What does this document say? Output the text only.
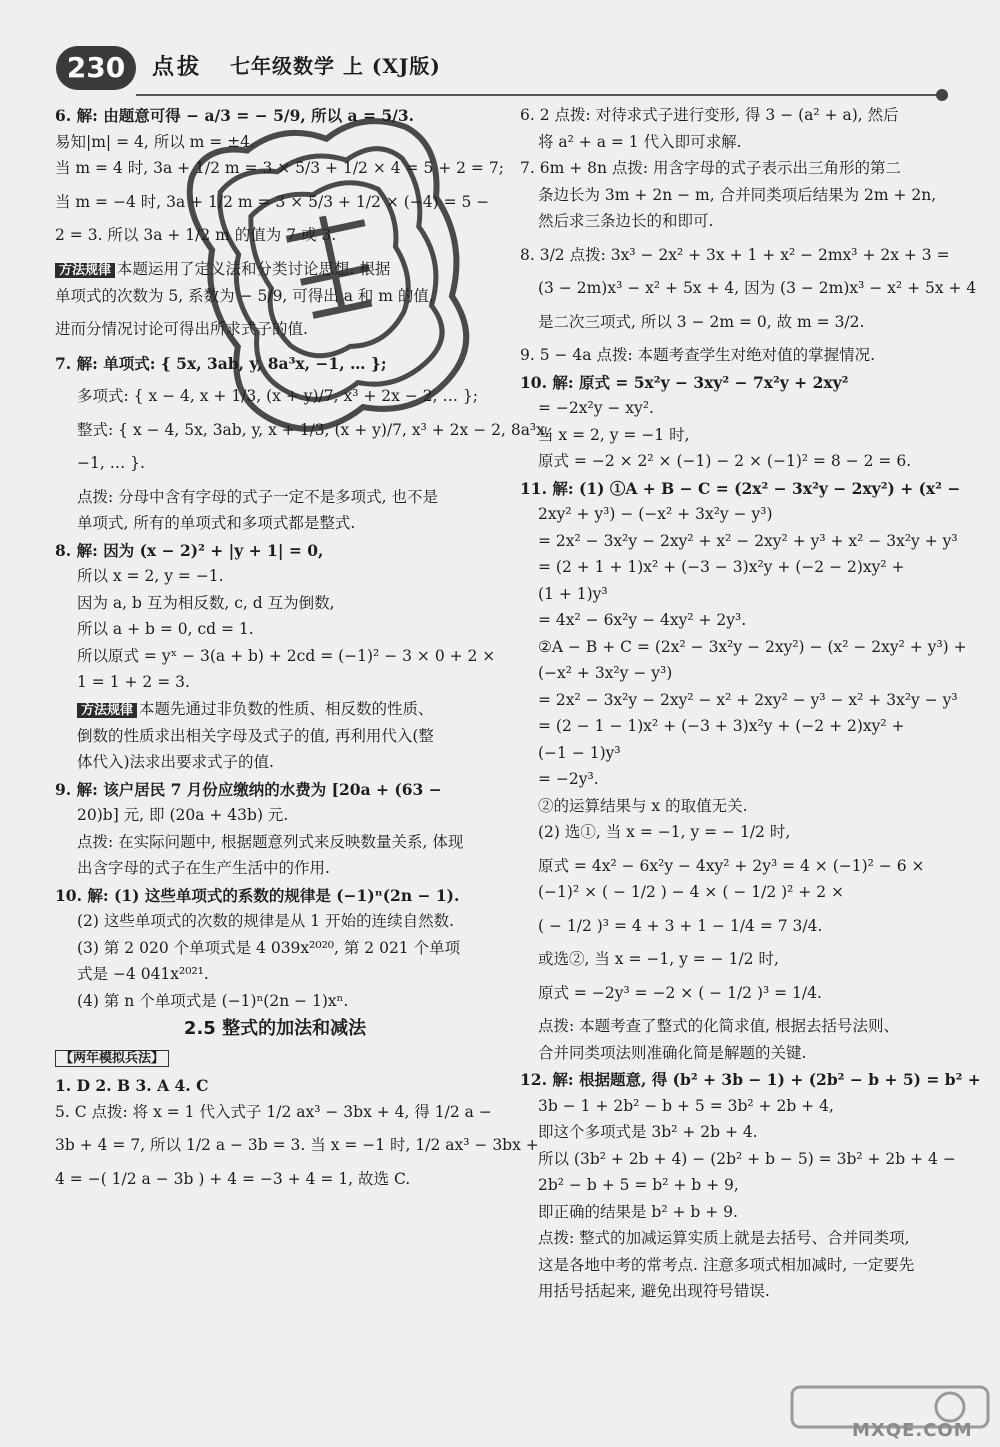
230	点拔 七年级数学 上 (XJ版)
6. 解: 由题意可得 − a/3 = − 5/9, 所以 a = 5/3.
易知|m| = 4, 所以 m = ±4.
当 m = 4 时, 3a + 1/2 m = 3 × 5/3 + 1/2 × 4 = 5 + 2 = 7;
当 m = −4 时, 3a + 1/2 m = 3 × 5/3 + 1/2 × (−4) = 5 −
2 = 3. 所以 3a + 1/2 m 的值为 7 或 3.
方法规律 本题运用了定义法和分类讨论思想. 根据
单项式的次数为 5, 系数为 − 5/9, 可得出 a 和 m 的值,
进而分情况讨论可得出所求式子的值.
7. 解: 单项式: { 5x, 3ab, y, 8a³x, −1, … };
多项式: { x − 4, x + 1/3, (x + y)/7, x³ + 2x − 2, … };
整式: { x − 4, 5x, 3ab, y, x + 1/3, (x + y)/7, x³ + 2x − 2, 8a³x,
−1, … }.
点拨: 分母中含有字母的式子一定不是多项式, 也不是
单项式, 所有的单项式和多项式都是整式.
8. 解: 因为 (x − 2)² + |y + 1| = 0,
所以 x = 2, y = −1.
因为 a, b 互为相反数, c, d 互为倒数,
所以 a + b = 0, cd = 1.
所以原式 = yˣ − 3(a + b) + 2cd = (−1)² − 3 × 0 + 2 ×
1 = 1 + 2 = 3.
方法规律 本题先通过非负数的性质、相反数的性质、
倒数的性质求出相关字母及式子的值, 再利用代入(整
体代入)法求出要求式子的值.
9. 解: 该户居民 7 月份应缴纳的水费为 [20a + (63 −
20)b] 元, 即 (20a + 43b) 元.
点拨: 在实际问题中, 根据题意列式来反映数量关系, 体现
出含字母的式子在生产生活中的作用.
10. 解: (1) 这些单项式的系数的规律是 (−1)ⁿ(2n − 1).
(2) 这些单项式的次数的规律是从 1 开始的连续自然数.
(3) 第 2 020 个单项式是 4 039x²⁰²⁰, 第 2 021 个单项
式是 −4 041x²⁰²¹.
(4) 第 n 个单项式是 (−1)ⁿ(2n − 1)xⁿ.
2.5 整式的加法和减法
【两年模拟兵法】
1. D 2. B 3. A 4. C
5. C 点拨: 将 x = 1 代入式子 1/2 ax³ − 3bx + 4, 得 1/2 a −
3b + 4 = 7, 所以 1/2 a − 3b = 3. 当 x = −1 时, 1/2 ax³ − 3bx +
4 = −( 1/2 a − 3b ) + 4 = −3 + 4 = 1, 故选 C.
6. 2 点拨: 对待求式子进行变形, 得 3 − (a² + a), 然后
将 a² + a = 1 代入即可求解.
7. 6m + 8n 点拨: 用含字母的式子表示出三角形的第二
条边长为 3m + 2n − m, 合并同类项后结果为 2m + 2n,
然后求三条边长的和即可.
8. 3/2 点拨: 3x³ − 2x² + 3x + 1 + x² − 2mx³ + 2x + 3 =
(3 − 2m)x³ − x² + 5x + 4, 因为 (3 − 2m)x³ − x² + 5x + 4
是二次三项式, 所以 3 − 2m = 0, 故 m = 3/2.
9. 5 − 4a 点拨: 本题考查学生对绝对值的掌握情况.
10. 解: 原式 = 5x²y − 3xy² − 7x²y + 2xy²
= −2x²y − xy².
当 x = 2, y = −1 时,
原式 = −2 × 2² × (−1) − 2 × (−1)² = 8 − 2 = 6.
11. 解: (1) ①A + B − C = (2x² − 3x²y − 2xy²) + (x² −
2xy² + y³) − (−x² + 3x²y − y³)
= 2x² − 3x²y − 2xy² + x² − 2xy² + y³ + x² − 3x²y + y³
= (2 + 1 + 1)x² + (−3 − 3)x²y + (−2 − 2)xy² +
(1 + 1)y³
= 4x² − 6x²y − 4xy² + 2y³.
②A − B + C = (2x² − 3x²y − 2xy²) − (x² − 2xy² + y³) +
(−x² + 3x²y − y³)
= 2x² − 3x²y − 2xy² − x² + 2xy² − y³ − x² + 3x²y − y³
= (2 − 1 − 1)x² + (−3 + 3)x²y + (−2 + 2)xy² +
(−1 − 1)y³
= −2y³.
②的运算结果与 x 的取值无关.
(2) 选①, 当 x = −1, y = − 1/2 时,
原式 = 4x² − 6x²y − 4xy² + 2y³ = 4 × (−1)² − 6 ×
(−1)² × ( − 1/2 ) − 4 × ( − 1/2 )² + 2 ×
( − 1/2 )³ = 4 + 3 + 1 − 1/4 = 7 3/4.
或选②, 当 x = −1, y = − 1/2 时,
原式 = −2y³ = −2 × ( − 1/2 )³ = 1/4.
点拨: 本题考查了整式的化简求值, 根据去括号法则、
合并同类项法则准确化简是解题的关键.
12. 解: 根据题意, 得 (b² + 3b − 1) + (2b² − b + 5) = b² +
3b − 1 + 2b² − b + 5 = 3b² + 2b + 4,
即这个多项式是 3b² + 2b + 4.
所以 (3b² + 2b + 4) − (2b² + b − 5) = 3b² + 2b + 4 −
2b² − b + 5 = b² + b + 9,
即正确的结果是 b² + b + 9.
点拨: 整式的加减运算实质上就是去括号、合并同类项,
这是各地中考的常考点. 注意多项式相加减时, 一定要先
用括号括起来, 避免出现符号错误.
MXQE.COM
